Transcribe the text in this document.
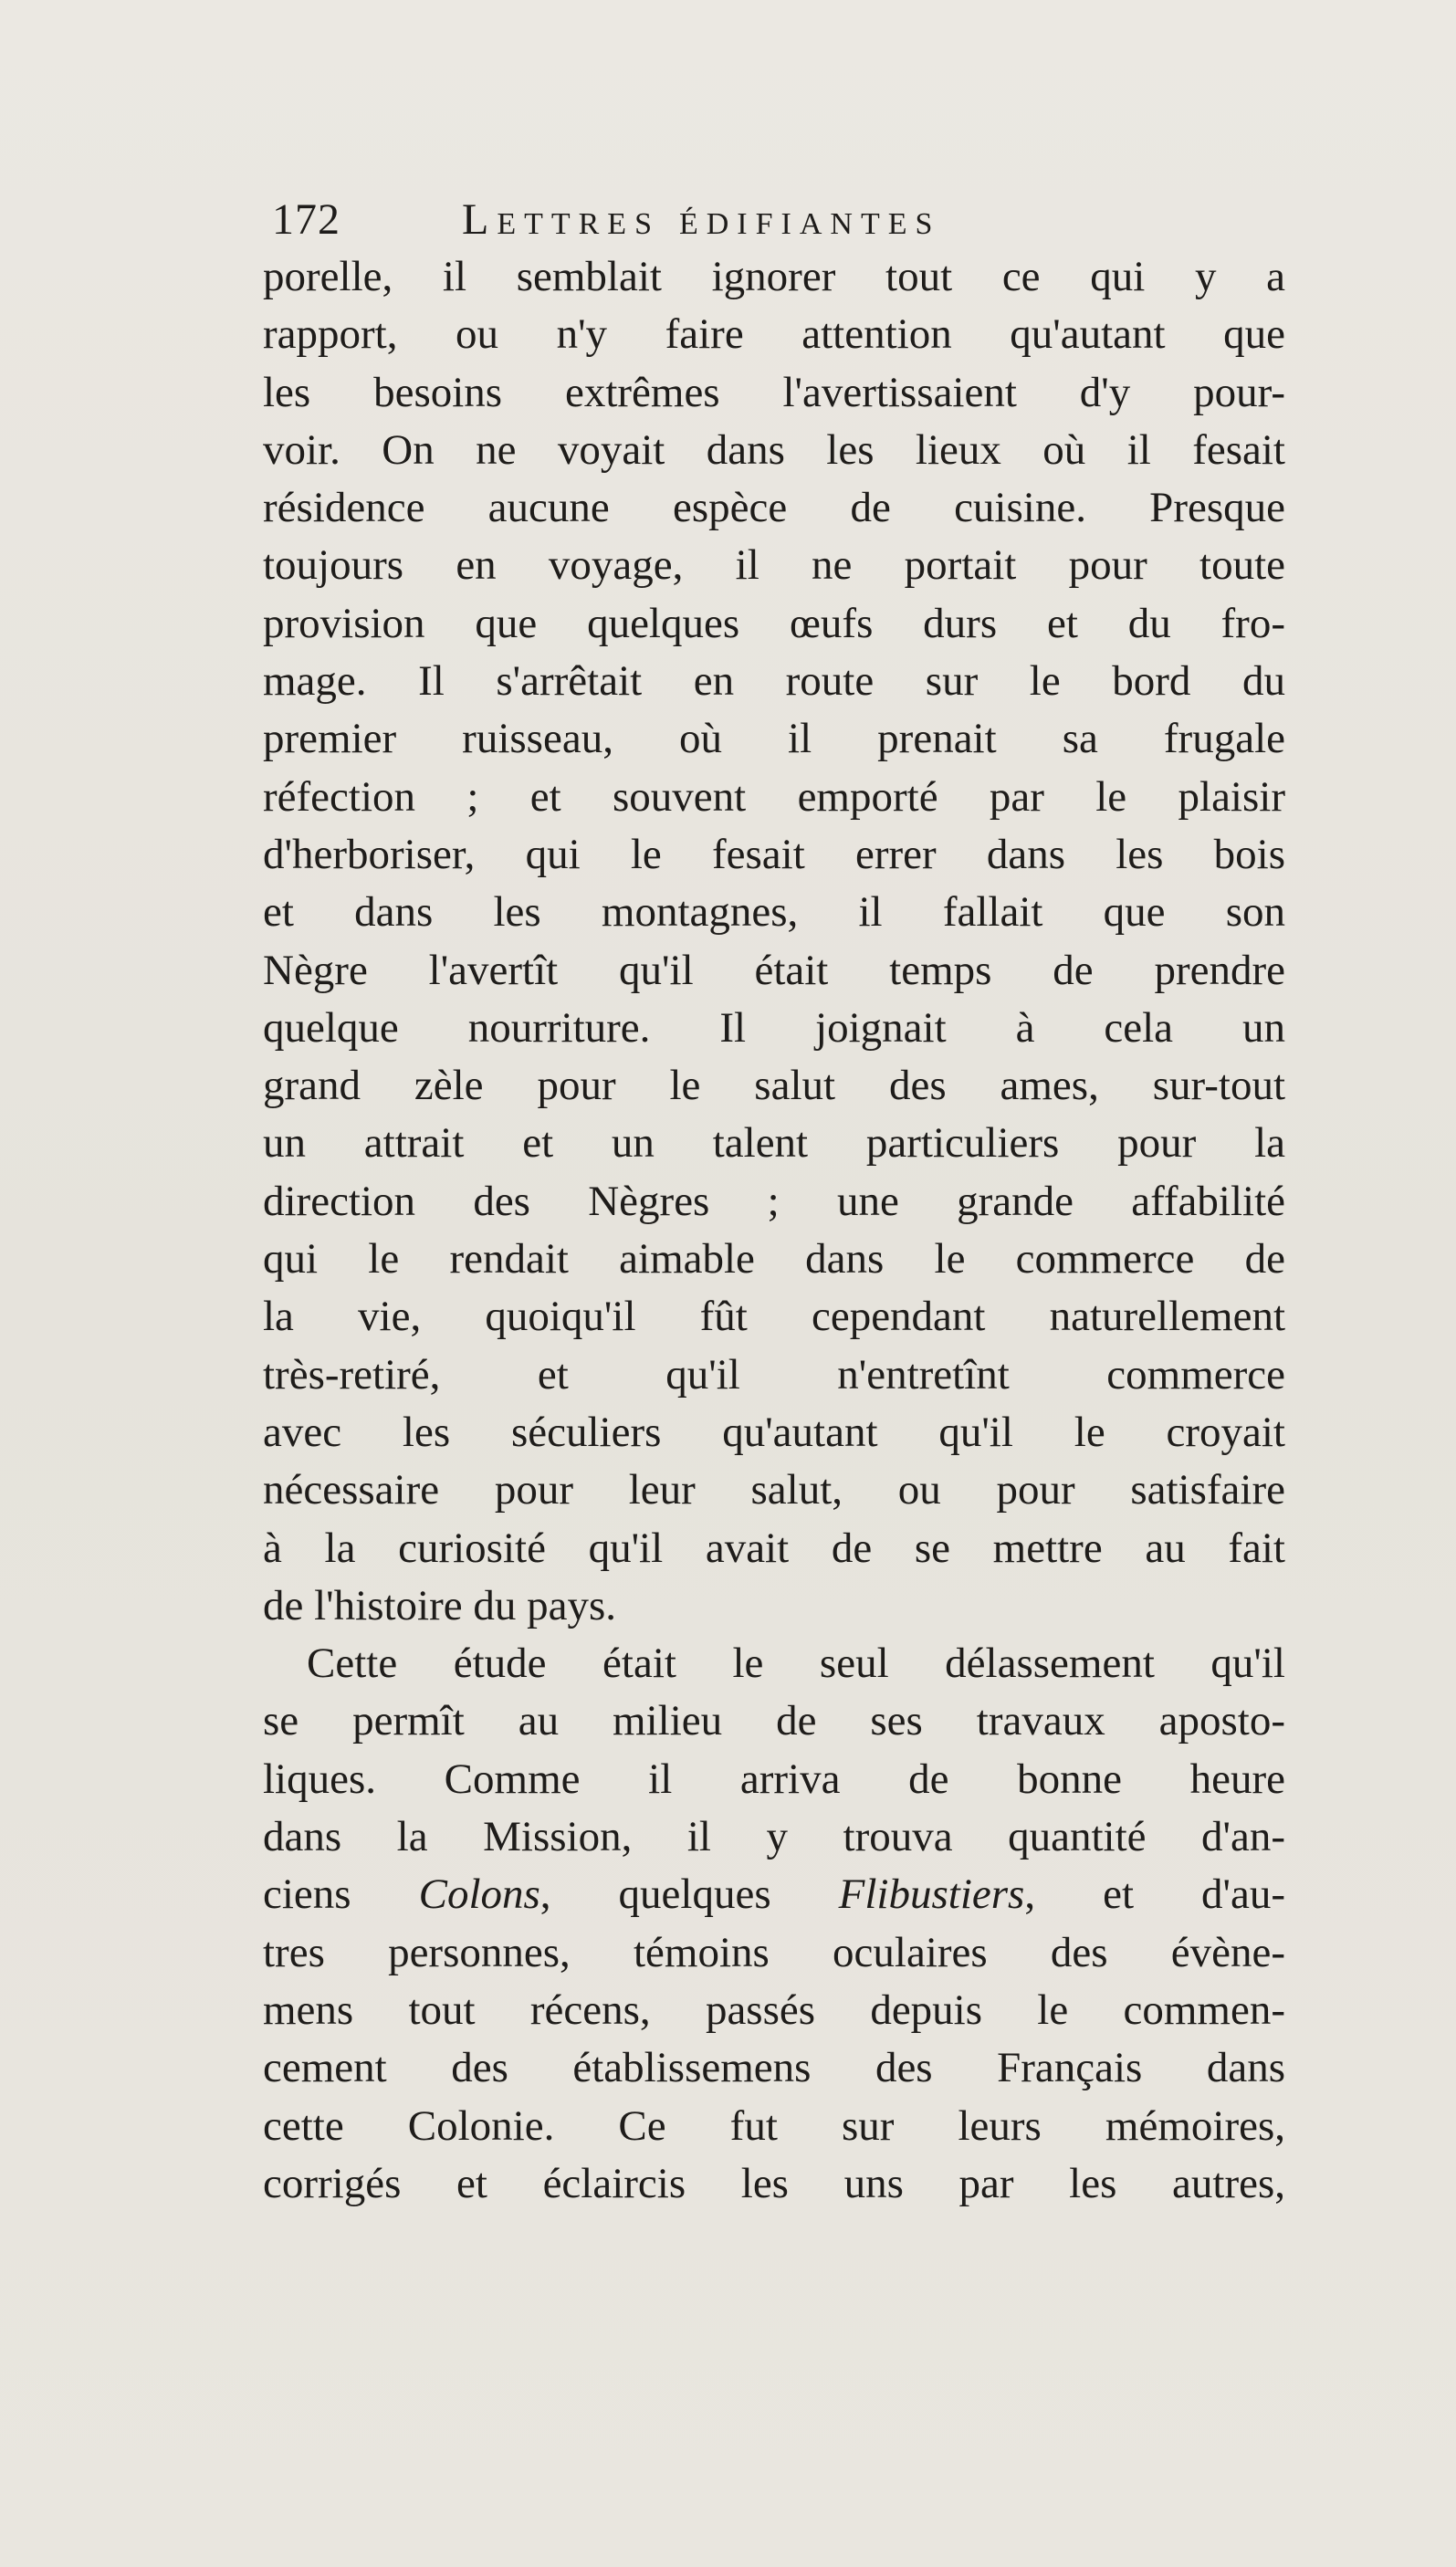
172	Lettres édifiantes
porelle, il semblait ignorer tout ce qui y a
rapport, ou n'y faire attention qu'autant que
les besoins extrêmes l'avertissaient d'y pour-
voir. On ne voyait dans les lieux où il fesait
résidence aucune espèce de cuisine. Presque
toujours en voyage, il ne portait pour toute
provision que quelques œufs durs et du fro-
mage. Il s'arrêtait en route sur le bord du
premier ruisseau, où il prenait sa frugale
réfection ; et souvent emporté par le plaisir
d'herboriser, qui le fesait errer dans les bois
et dans les montagnes, il fallait que son
Nègre l'avertît qu'il était temps de prendre
quelque nourriture. Il joignait à cela un
grand zèle pour le salut des ames, sur-tout
un attrait et un talent particuliers pour la
direction des Nègres ; une grande affabilité
qui le rendait aimable dans le commerce de
la vie, quoiqu'il fût cependant naturellement
très-retiré, et qu'il n'entretînt commerce
avec les séculiers qu'autant qu'il le croyait
nécessaire pour leur salut, ou pour satisfaire
à la curiosité qu'il avait de se mettre au fait
de l'histoire du pays.
Cette étude était le seul délassement qu'il
se permît au milieu de ses travaux aposto-
liques. Comme il arriva de bonne heure
dans la Mission, il y trouva quantité d'an-
ciens Colons, quelques Flibustiers, et d'au-
tres personnes, témoins oculaires des évène-
mens tout récens, passés depuis le commen-
cement des établissemens des Français dans
cette Colonie. Ce fut sur leurs mémoires,
corrigés et éclaircis les uns par les autres,
